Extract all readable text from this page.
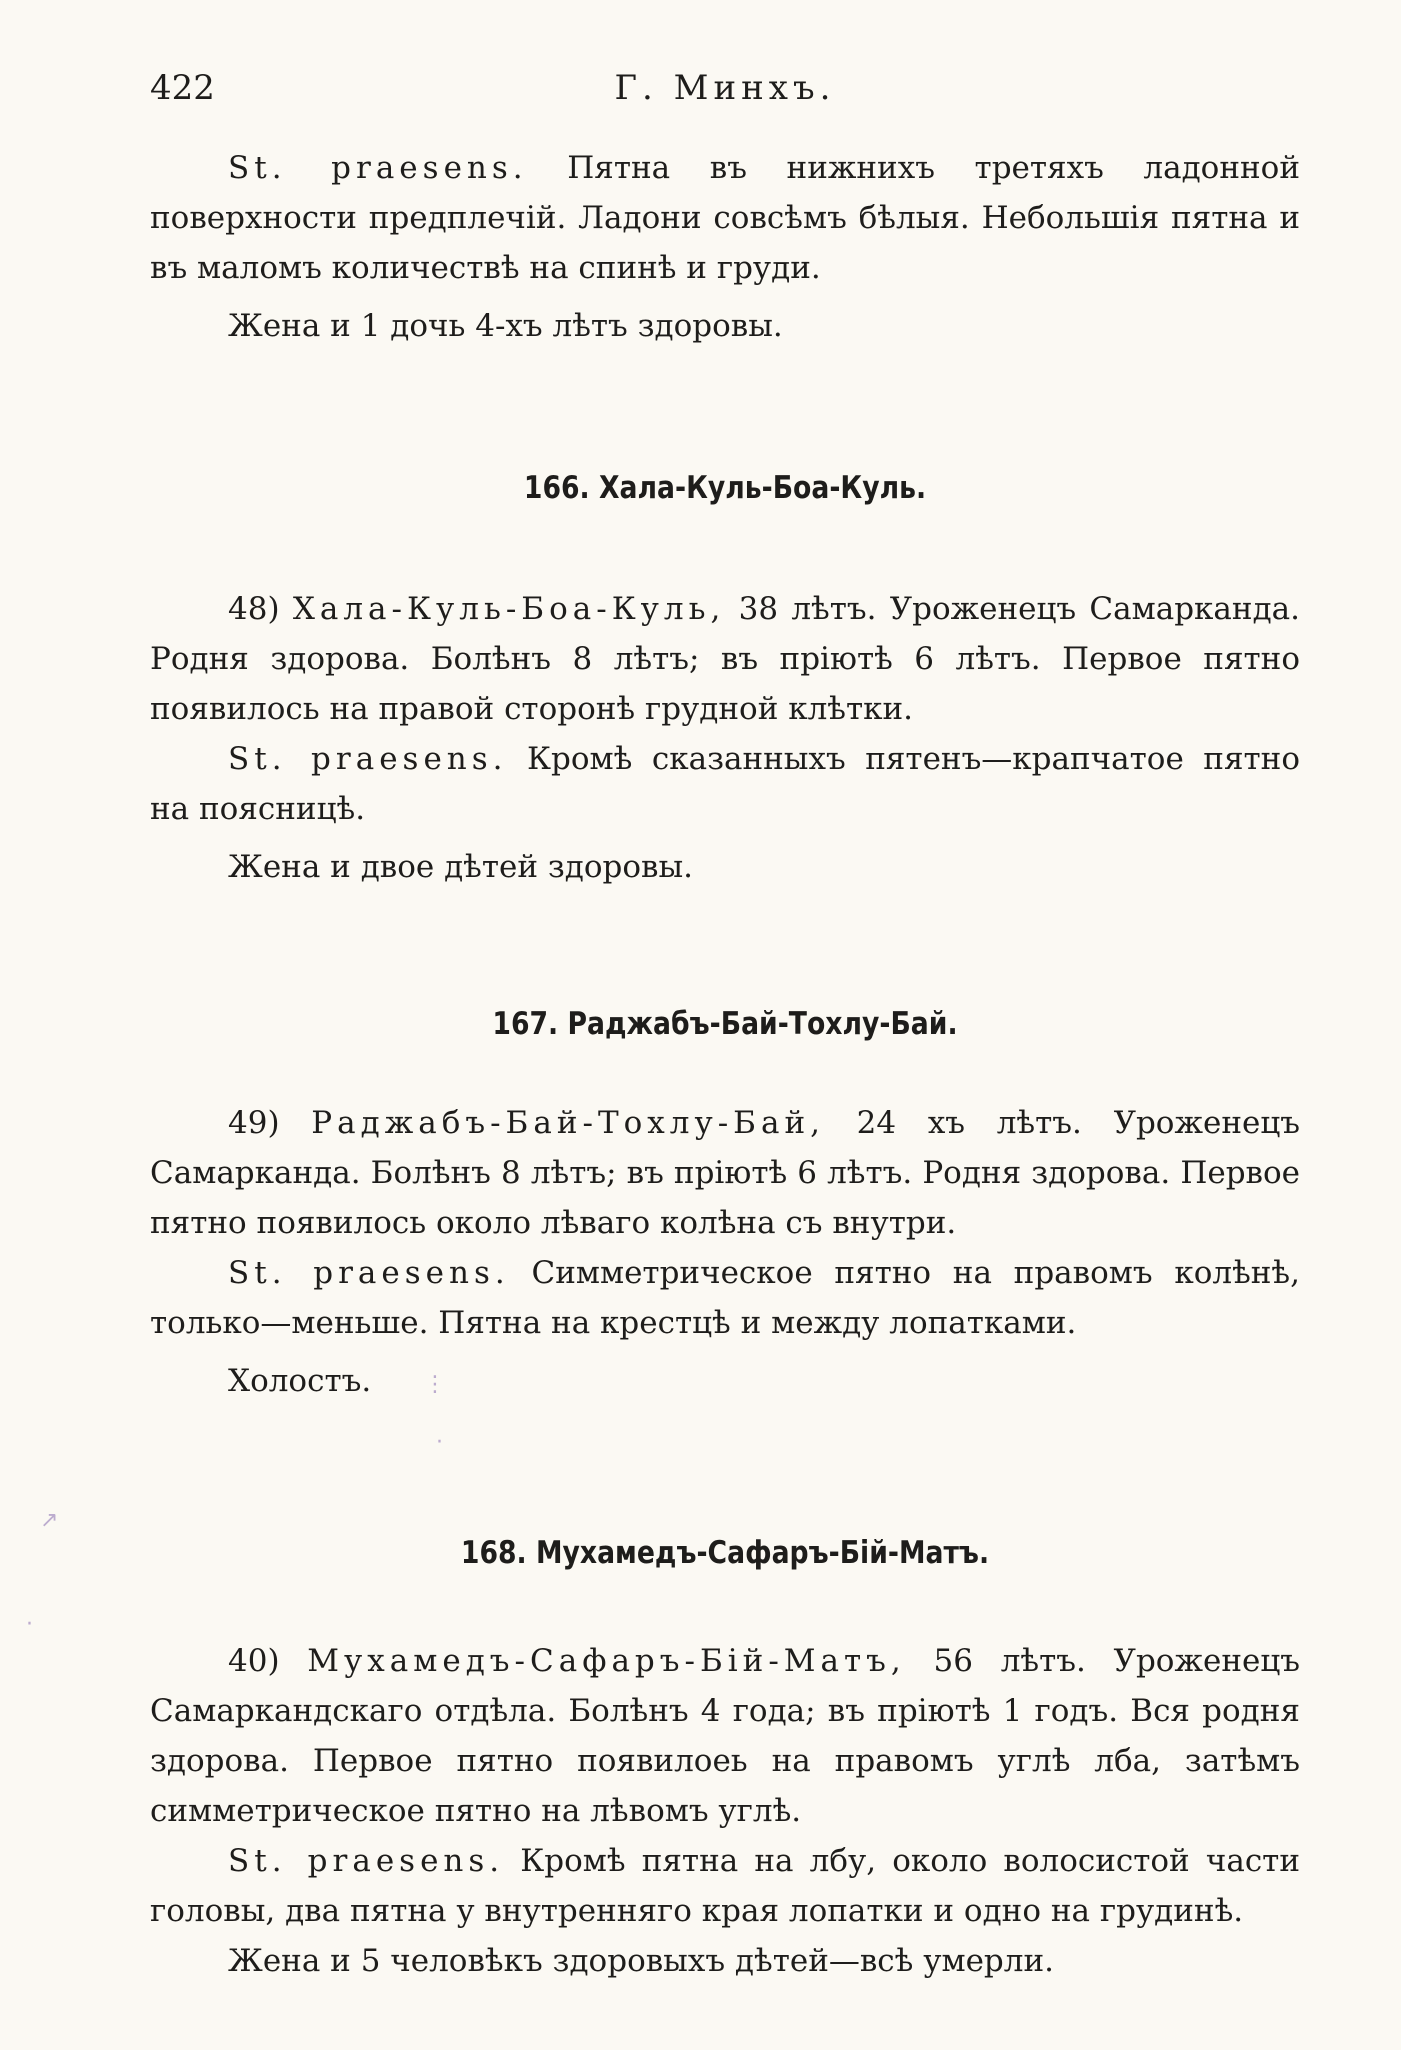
422	Г. Минхъ.

St. praesens. Пятна въ нижнихъ третяхъ ладонной поверхности предплечій. Ладони совсѣмъ бѣлыя. Небольшія пятна и въ маломъ количествѣ на спинѣ и груди.

Жена и 1 дочь 4-хъ лѣтъ здоровы.

166. Хала-Куль-Боа-Куль.

48) Хала-Куль-Боа-Куль, 38 лѣтъ. Уроженецъ Самарканда. Родня здорова. Болѣнъ 8 лѣтъ; въ пріютѣ 6 лѣтъ. Первое пятно появилось на правой сторонѣ грудной клѣтки.

St. praesens. Кромѣ сказанныхъ пятенъ—крапчатое пятно на поясницѣ.

Жена и двое дѣтей здоровы.

167. Раджабъ-Бай-Тохлу-Бай.

49) Раджабъ-Бай-Тохлу-Бай, 24 хъ лѣтъ. Уроженецъ Самарканда. Болѣнъ 8 лѣтъ; въ пріютѣ 6 лѣтъ. Родня здорова. Первое пятно появилось около лѣваго колѣна съ внутри.

St. praesens. Симметрическое пятно на правомъ колѣнѣ, только—меньше. Пятна на крестцѣ и между лопатками.

Холостъ.

168. Мухамедъ-Сафаръ-Бій-Матъ.

40) Мухамедъ-Сафаръ-Бій-Матъ, 56 лѣтъ. Уроженецъ Самаркандскаго отдѣла. Болѣнъ 4 года; въ пріютѣ 1 годъ. Вся родня здорова. Первое пятно появилоеь на правомъ углѣ лба, затѣмъ симметрическое пятно на лѣвомъ углѣ.

St. praesens. Кромѣ пятна на лбу, около волосистой части головы, два пятна у внутренняго края лопатки и одно на грудинѣ.

Жена и 5 человѣкъ здоровыхъ дѣтей—всѣ умерли.

⋮
·
↗
·
